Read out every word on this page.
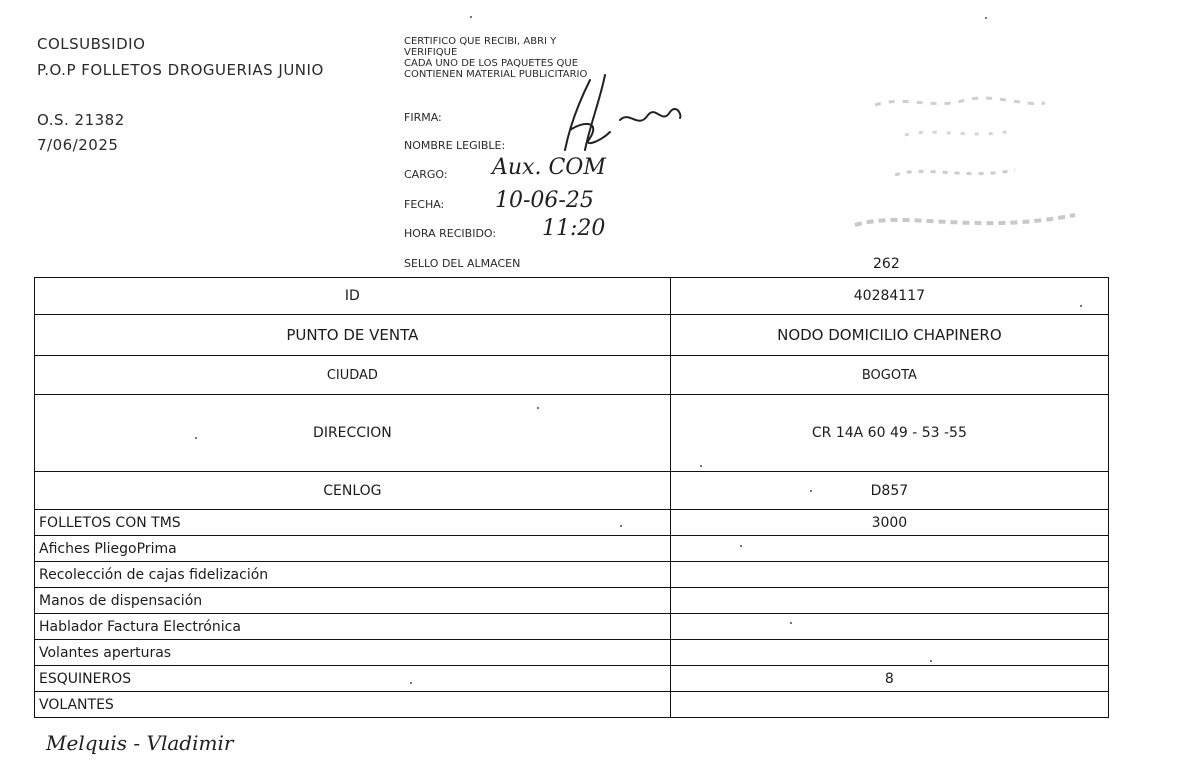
COLSUBSIDIO
P.O.P FOLLETOS DROGUERIAS JUNIO
O.S. 21382
7/06/2025
CERTIFICO QUE RECIBI, ABRI Y
VERIFIQUE
CADA UNO DE LOS PAQUETES QUE
CONTIENEN MATERIAL PUBLICITARIO
FIRMA:
NOMBRE LEGIBLE:
CARGO:
FECHA:
HORA RECIBIDO:
SELLO DEL ALMACEN
Aux. COM
10-06-25
11:20
262
ID	40284117
PUNTO DE VENTA	NODO DOMICILIO CHAPINERO
CIUDAD	BOGOTA
DIRECCION	CR 14A 60 49 - 53 -55
CENLOG	D857
FOLLETOS CON TMS	3000
Afiches PliegoPrima	
Recolección de cajas fidelización	
Manos de dispensación	
Hablador Factura Electrónica	
Volantes aperturas	
ESQUINEROS	8
VOLANTES	
Melquis - Vladimir
